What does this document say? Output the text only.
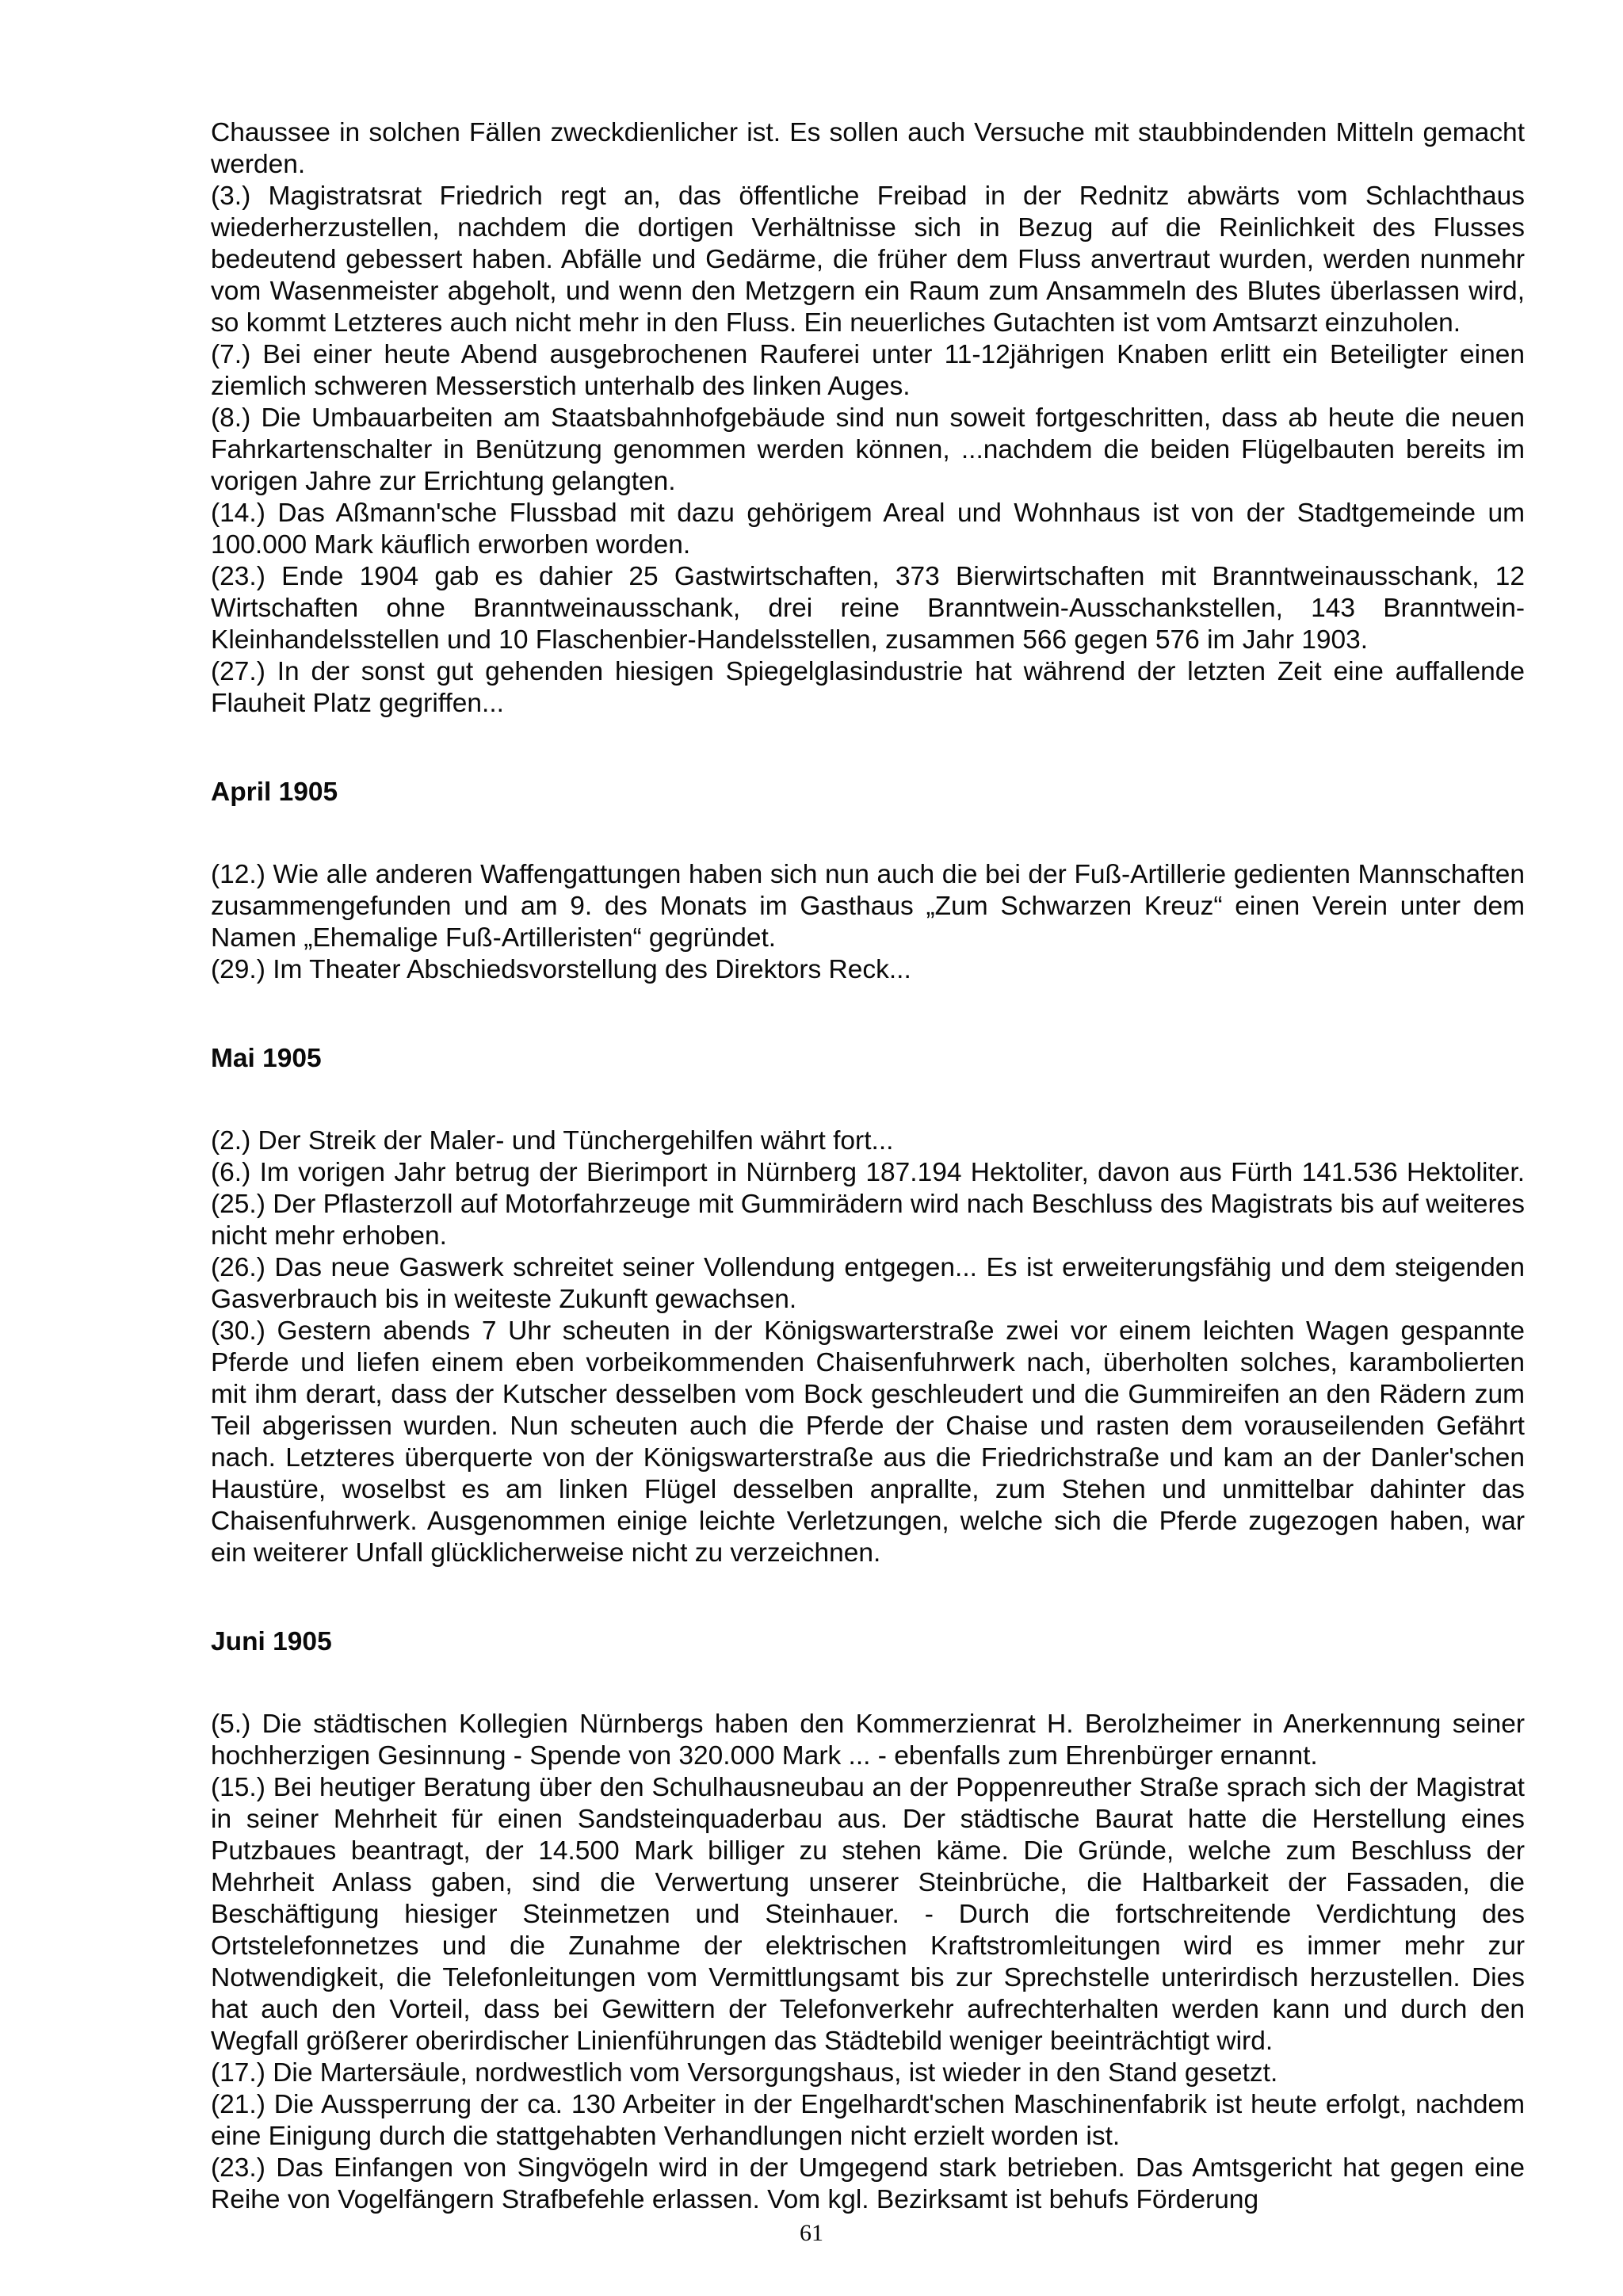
Chaussee in solchen Fällen zweckdienlicher ist. Es sollen auch Versuche mit staubbindenden Mitteln gemacht werden.

(3.) Magistratsrat Friedrich regt an, das öffentliche Freibad in der Rednitz abwärts vom Schlachthaus wiederherzustellen, nachdem die dortigen Verhältnisse sich in Bezug auf die Reinlichkeit des Flusses bedeutend gebessert haben. Abfälle und Gedärme, die früher dem Fluss anvertraut wurden, werden nunmehr vom Wasenmeister abgeholt, und wenn den Metzgern ein Raum zum Ansammeln des Blutes überlassen wird, so kommt Letzteres auch nicht mehr in den Fluss. Ein neuerliches Gutachten ist vom Amtsarzt einzuholen.

(7.) Bei einer heute Abend ausgebrochenen Rauferei unter 11-12jährigen Knaben erlitt ein Beteiligter einen ziemlich schweren Messerstich unterhalb des linken Auges.

(8.) Die Umbauarbeiten am Staatsbahnhofgebäude sind nun soweit fortgeschritten, dass ab heute die neuen Fahrkartenschalter in Benützung genommen werden können, ...nachdem die beiden Flügelbauten bereits im vorigen Jahre zur Errichtung gelangten.

(14.) Das Aßmann'sche Flussbad mit dazu gehörigem Areal und Wohnhaus ist von der Stadtgemeinde um 100.000 Mark käuflich erworben worden.

(23.) Ende 1904 gab es dahier 25 Gastwirtschaften, 373 Bierwirtschaften mit Branntweinausschank, 12 Wirtschaften ohne Branntweinausschank, drei reine Branntwein-Ausschankstellen, 143 Branntwein-Kleinhandelsstellen und 10 Flaschenbier-Handelsstellen, zusammen 566 gegen 576 im Jahr 1903.

(27.) In der sonst gut gehenden hiesigen Spiegelglasindustrie hat während der letzten Zeit eine auffallende Flauheit Platz gegriffen...

April 1905

(12.) Wie alle anderen Waffengattungen haben sich nun auch die bei der Fuß-Artillerie gedienten Mannschaften zusammengefunden und am 9. des Monats im Gasthaus „Zum Schwarzen Kreuz“ einen Verein unter dem Namen „Ehemalige Fuß-Artilleristen“ gegründet.

(29.) Im Theater Abschiedsvorstellung des Direktors Reck...

Mai 1905

(2.) Der Streik der Maler- und Tünchergehilfen währt fort...

(6.) Im vorigen Jahr betrug der Bierimport in Nürnberg 187.194 Hektoliter, davon aus Fürth 141.536 Hektoliter. (25.) Der Pflasterzoll auf Motorfahrzeuge mit Gummirädern wird nach Beschluss des Magistrats bis auf weiteres nicht mehr erhoben.

(26.) Das neue Gaswerk schreitet seiner Vollendung entgegen... Es ist erweiterungsfähig und dem steigenden Gasverbrauch bis in weiteste Zukunft gewachsen.

(30.) Gestern abends 7 Uhr scheuten in der Königswarterstraße zwei vor einem leichten Wagen gespannte Pferde und liefen einem eben vorbeikommenden Chaisenfuhrwerk nach, überholten solches, karambolierten mit ihm derart, dass der Kutscher desselben vom Bock geschleudert und die Gummireifen an den Rädern zum Teil abgerissen wurden. Nun scheuten auch die Pferde der Chaise und rasten dem vorauseilenden Gefährt nach. Letzteres überquerte von der Königswarterstraße aus die Friedrichstraße und kam an der Danler'schen Haustüre, woselbst es am linken Flügel desselben anprallte, zum Stehen und unmittelbar dahinter das Chaisenfuhrwerk. Ausgenommen einige leichte Verletzungen, welche sich die Pferde zugezogen haben, war ein weiterer Unfall glücklicherweise nicht zu verzeichnen.

Juni 1905

(5.) Die städtischen Kollegien Nürnbergs haben den Kommerzienrat H. Berolzheimer in Anerkennung seiner hochherzigen Gesinnung - Spende von 320.000 Mark ... - ebenfalls zum Ehrenbürger ernannt.

(15.) Bei heutiger Beratung über den Schulhausneubau an der Poppenreuther Straße sprach sich der Magistrat in seiner Mehrheit für einen Sandsteinquaderbau aus. Der städtische Baurat hatte die Herstellung eines Putzbaues beantragt, der 14.500 Mark billiger zu stehen käme. Die Gründe, welche zum Beschluss der Mehrheit Anlass gaben, sind die Verwertung unserer Steinbrüche, die Haltbarkeit der Fassaden, die Beschäftigung hiesiger Steinmetzen und Steinhauer. - Durch die fortschreitende Verdichtung des Ortstelefonnetzes und die Zunahme der elektrischen Kraftstromleitungen wird es immer mehr zur Notwendigkeit, die Telefonleitungen vom Vermittlungsamt bis zur Sprechstelle unterirdisch herzustellen. Dies hat auch den Vorteil, dass bei Gewittern der Telefonverkehr aufrechterhalten werden kann und durch den Wegfall größerer oberirdischer Linienführungen das Städtebild weniger beeinträchtigt wird.

(17.) Die Martersäule, nordwestlich vom Versorgungshaus, ist wieder in den Stand gesetzt.

(21.) Die Aussperrung der ca. 130 Arbeiter in der Engelhardt'schen Maschinenfabrik ist heute erfolgt, nachdem eine Einigung durch die stattgehabten Verhandlungen nicht erzielt worden ist.

(23.) Das Einfangen von Singvögeln wird in der Umgegend stark betrieben. Das Amtsgericht hat gegen eine Reihe von Vogelfängern Strafbefehle erlassen. Vom kgl. Bezirksamt ist behufs Förderung

61
